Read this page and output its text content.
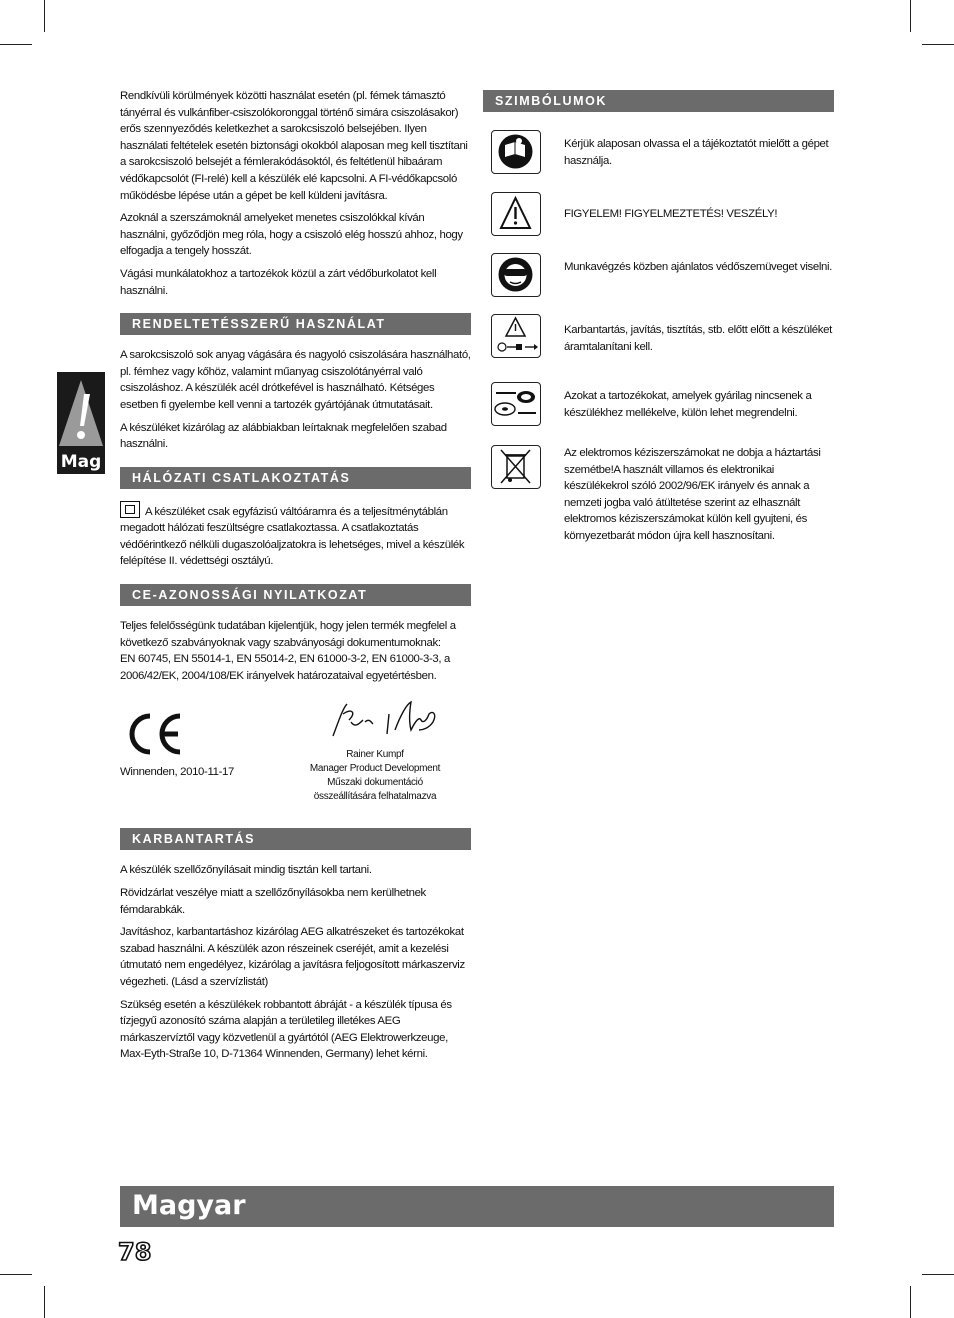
Mag

Rendkívüli körülmények közötti használat esetén (pl. fémek támasztó tányérral és vulkánfiber-csiszolókoronggal történő simára csiszolásakor) erős szennyeződés keletkezhet a sarokcsiszoló belsejében. Ilyen használati feltételek esetén biztonsági okokból alaposan meg kell tisztítani a sarokcsiszoló belsejét a fémlerakódásoktól, és feltétlenül hibaáram védőkapcsolót (FI-relé) kell a készülék elé kapcsolni. A FI-védőkapcsoló működésbe lépése után a gépet be kell küldeni javításra.

Azoknál a szerszámoknál amelyeket menetes csiszolókkal kíván használni, győződjön meg róla, hogy a csiszoló elég hosszú ahhoz, hogy elfogadja a tengely hosszát.

Vágási munkálatokhoz a tartozékok közül a zárt védőburkolatot kell használni.

RENDELTETÉSSZERŰ HASZNÁLAT

A sarokcsiszoló sok anyag vágására és nagyoló csiszolására használható, pl. fémhez vagy kőhöz, valamint műanyag csiszolótányérral való csiszoláshoz. A készülék acél drótkefével is használható. Kétséges esetben fi gyelembe kell venni a tartozék gyártójának útmutatásait.

A készüléket kizárólag az alábbiakban leírtaknak megfelelően szabad használni.

HÁLÓZATI CSATLAKOZTATÁS

A készüléket csak egyfázisú váltóáramra és a teljesítménytáblán megadott hálózati feszültségre csatlakoztassa. A csatlakoztatás védőérintkező nélküli dugaszolóaljzatokra is lehetséges, mivel a készülék felépítése II. védettségi osztályú.

CE-AZONOSSÁGI NYILATKOZAT

Teljes felelősségünk tudatában kijelentjük, hogy jelen termék megfelel a következő szabványoknak vagy szabványosági dokumentumoknak:

EN 60745, EN 55014-1, EN 55014-2, EN 61000-3-2, EN 61000-3-3, a 2006/42/EK, 2004/108/EK irányelvek határozataival egyetértésben.

Winnenden, 2010-11-17
Rainer Kumpf
Manager Product Development
Műszaki dokumentáció összeállítására felhatalmazva
KARBANTARTÁS

A készülék szellőzőnyílásait mindig tisztán kell tartani.

Rövidzárlat veszélye miatt a szellőzőnyílásokba nem kerülhetnek fémdarabkák.

Javításhoz, karbantartáshoz kizárólag AEG alkatrészeket és tartozékokat szabad használni. A készülék azon részeinek cseréjét, amit a kezelési útmutató nem engedélyez, kizárólag a javításra feljogosított márkaszerviz végezheti. (Lásd a szervízlistát)

Szükség esetén a készülékek robbantott ábráját - a készülék típusa és tízjegyű azonosító száma alapján a területileg illetékes AEG márkaszervíztől vagy közvetlenül a gyártótól (AEG Elektrowerkzeuge, Max-Eyth-Straße 10, D-71364 Winnenden, Germany) lehet kérni.

SZIMBÓLUMOK
Kérjük alaposan olvassa el a tájékoztatót mielőtt a gépet használja.
FIGYELEM! FIGYELMEZTETÉS! VESZÉLY!
Munkavégzés közben ajánlatos védőszemüveget viselni.
Karbantartás, javítás, tisztítás, stb. előtt előtt a készüléket áramtalanítani kell.
Azokat a tartozékokat, amelyek gyárilag nincsenek a készülékhez mellékelve, külön lehet megrendelni.
Az elektromos kéziszerszámokat ne dobja a háztartási szemétbe!A használt villamos és elektronikai készülékekrol szóló 2002/96/EK irányelv és annak a nemzeti jogba való átültetése szerint az elhasznált elektromos kéziszerszámokat külön kell gyujteni, és környezetbarát módon újra kell hasznosítani.
Magyar
78
